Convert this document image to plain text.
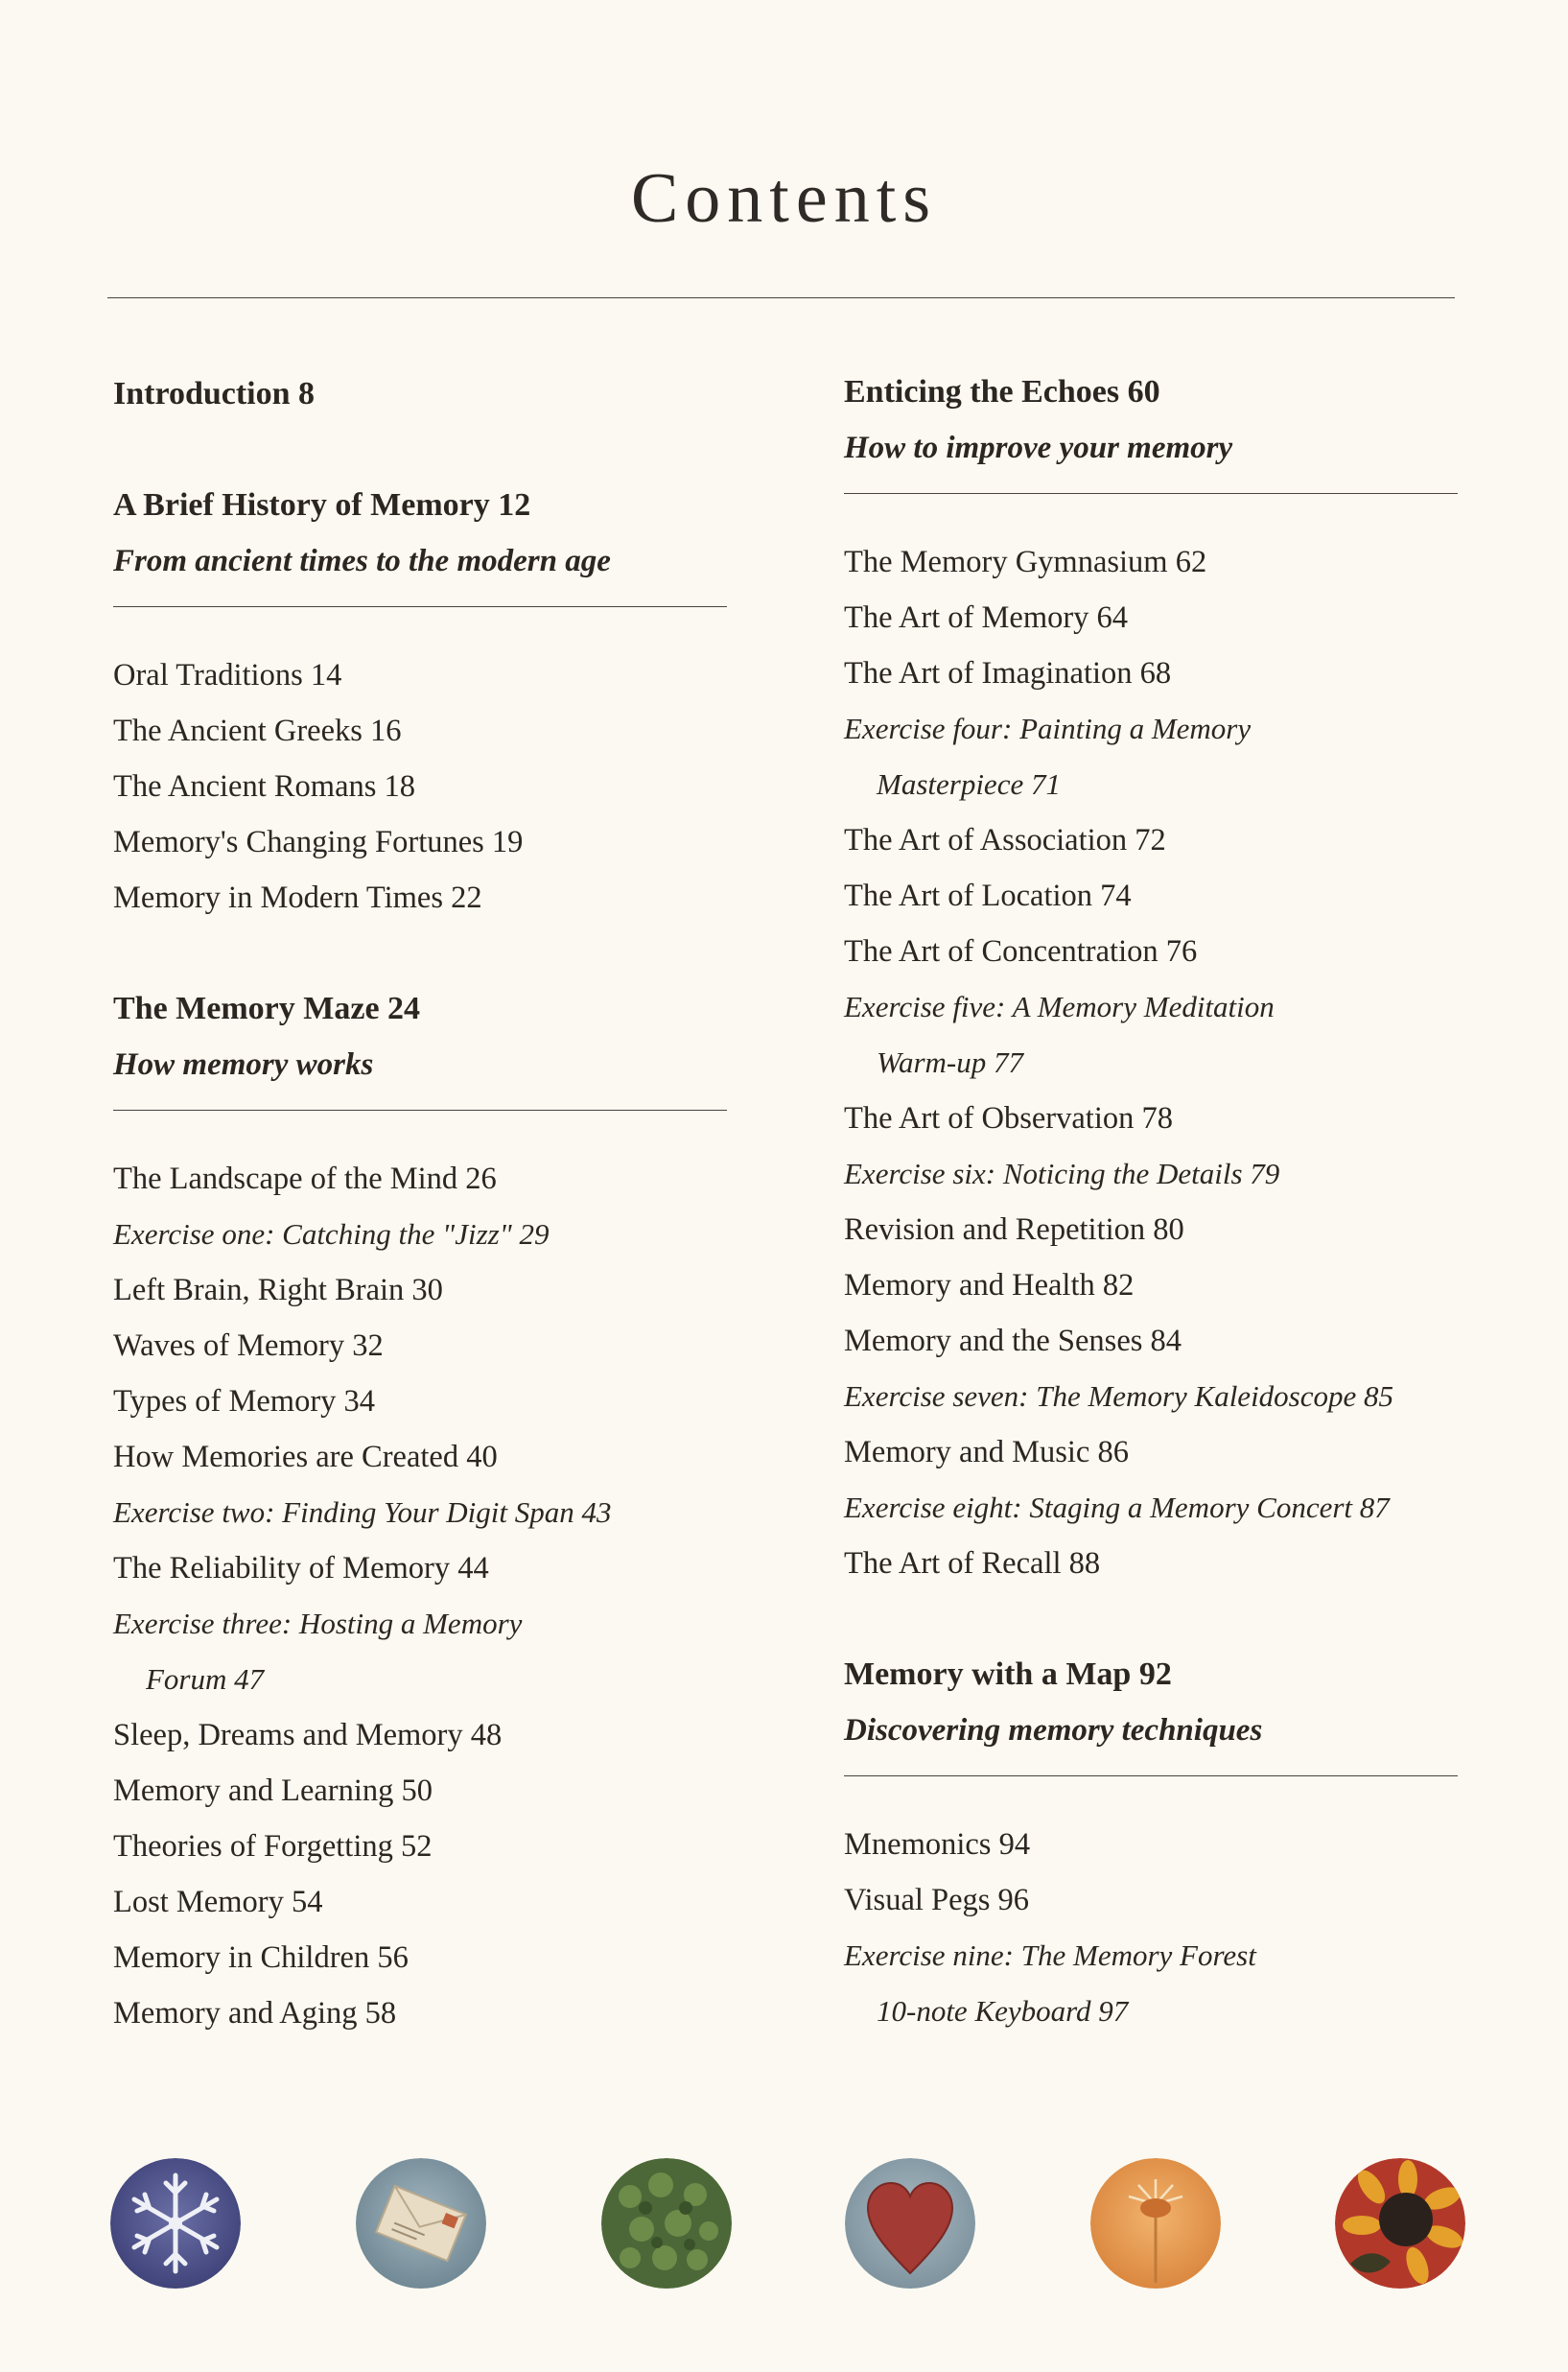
Contents
Introduction 8
A Brief History of Memory 12
From ancient times to the modern age
Oral Traditions 14
The Ancient Greeks 16
The Ancient Romans 18
Memory's Changing Fortunes 19
Memory in Modern Times 22
The Memory Maze 24
How memory works
The Landscape of the Mind 26
Exercise one: Catching the "Jizz" 29
Left Brain, Right Brain 30
Waves of Memory 32
Types of Memory 34
How Memories are Created 40
Exercise two: Finding Your Digit Span 43
The Reliability of Memory 44
Exercise three: Hosting a Memory
Forum 47
Sleep, Dreams and Memory 48
Memory and Learning 50
Theories of Forgetting 52
Lost Memory 54
Memory in Children 56
Memory and Aging 58
Enticing the Echoes 60
How to improve your memory
The Memory Gymnasium 62
The Art of Memory 64
The Art of Imagination 68
Exercise four: Painting a Memory
Masterpiece 71
The Art of Association 72
The Art of Location 74
The Art of Concentration 76
Exercise five: A Memory Meditation
Warm-up 77
The Art of Observation 78
Exercise six: Noticing the Details 79
Revision and Repetition 80
Memory and Health 82
Memory and the Senses 84
Exercise seven: The Memory Kaleidoscope 85
Memory and Music 86
Exercise eight: Staging a Memory Concert 87
The Art of Recall 88
Memory with a Map 92
Discovering memory techniques
Mnemonics 94
Visual Pegs 96
Exercise nine: The Memory Forest
10-note Keyboard 97
